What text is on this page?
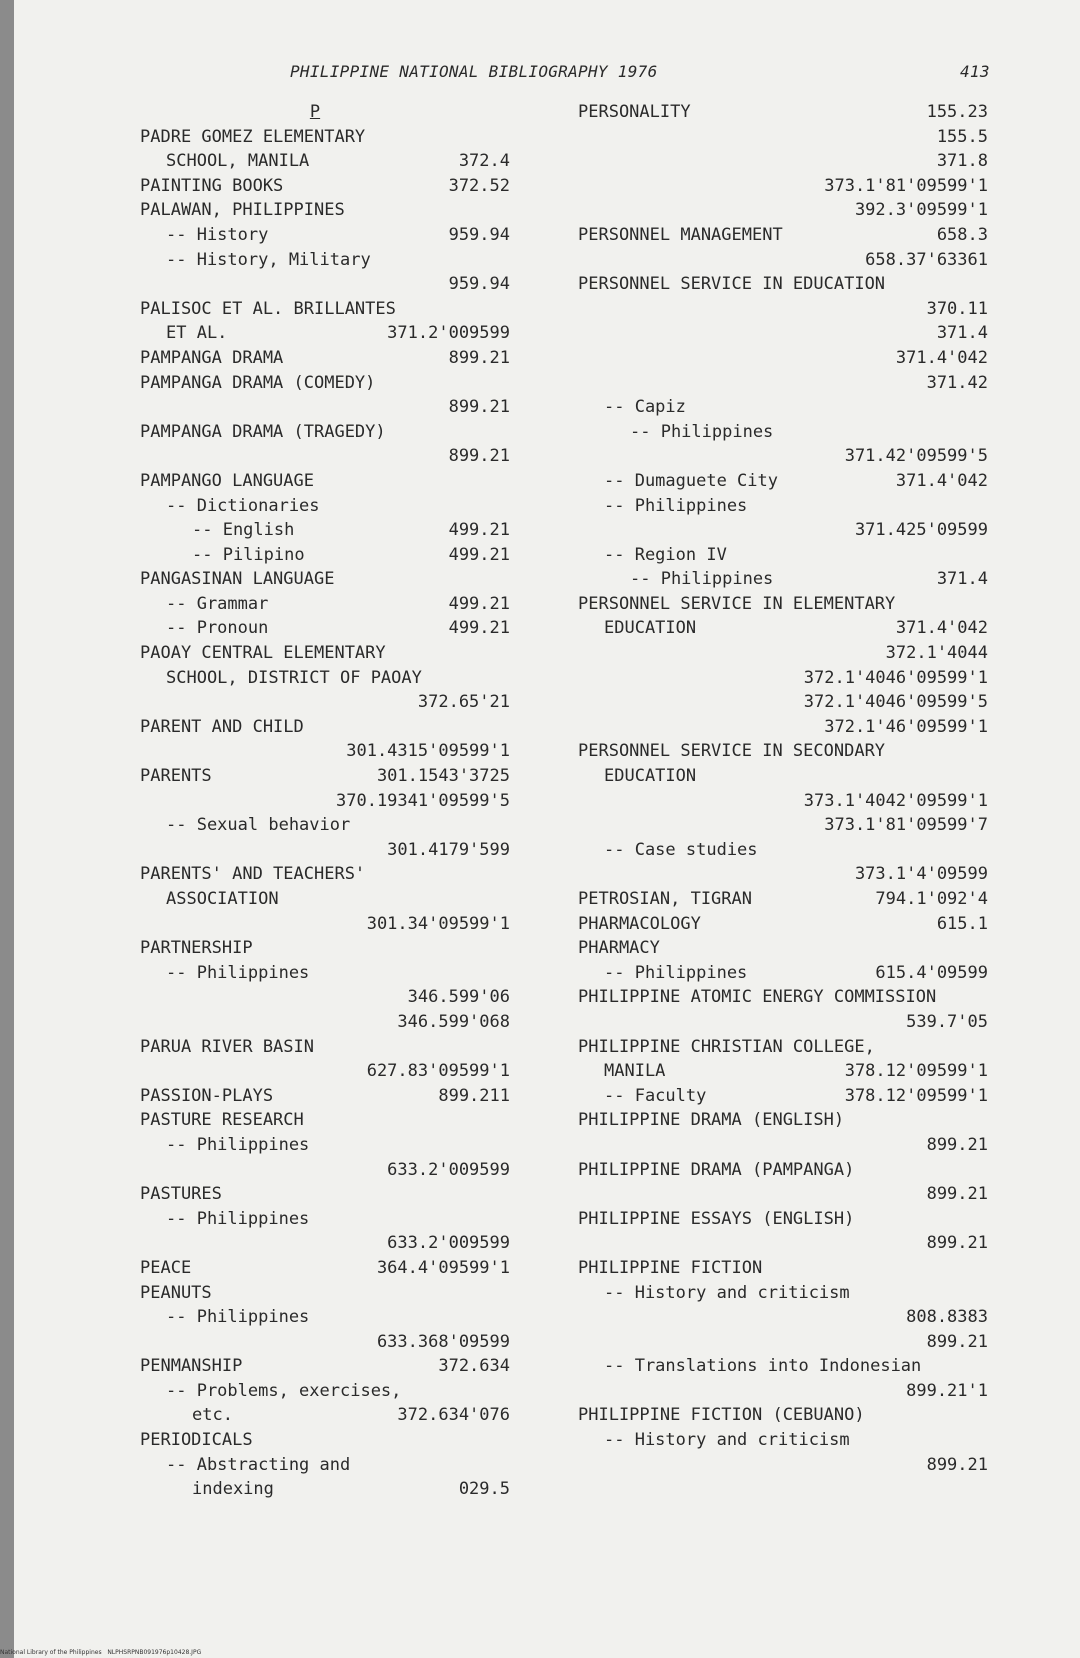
PHILIPPINE NATIONAL BIBLIOGRAPHY 1976	413
P
PADRE GOMEZ ELEMENTARY
SCHOOL, MANILA	372.4
PAINTING BOOKS	372.52
PALAWAN, PHILIPPINES
-- History	959.94
-- History, Military
959.94
PALISOC ET AL. BRILLANTES
ET AL.	371.2'009599
PAMPANGA DRAMA	899.21
PAMPANGA DRAMA (COMEDY)
899.21
PAMPANGA DRAMA (TRAGEDY)
899.21
PAMPANGO LANGUAGE
-- Dictionaries
-- English	499.21
-- Pilipino	499.21
PANGASINAN LANGUAGE
-- Grammar	499.21
-- Pronoun	499.21
PAOAY CENTRAL ELEMENTARY
SCHOOL, DISTRICT OF PAOAY
372.65'21
PARENT AND CHILD
301.4315'09599'1
PARENTS	301.1543'3725
370.19341'09599'5
-- Sexual behavior
301.4179'599
PARENTS' AND TEACHERS'
ASSOCIATION
301.34'09599'1
PARTNERSHIP
-- Philippines
346.599'06
346.599'068
PARUA RIVER BASIN
627.83'09599'1
PASSION-PLAYS	899.211
PASTURE RESEARCH
-- Philippines
633.2'009599
PASTURES
-- Philippines
633.2'009599
PEACE	364.4'09599'1
PEANUTS
-- Philippines
633.368'09599
PENMANSHIP	372.634
-- Problems, exercises,
etc.	372.634'076
PERIODICALS
-- Abstracting and
indexing	029.5
PERSONALITY	155.23
155.5
371.8
373.1'81'09599'1
392.3'09599'1
PERSONNEL MANAGEMENT	658.3
658.37'63361
PERSONNEL SERVICE IN EDUCATION
370.11
371.4
371.4'042
371.42
-- Capiz
-- Philippines
371.42'09599'5
-- Dumaguete City	371.4'042
-- Philippines
371.425'09599
-- Region IV
-- Philippines	371.4
PERSONNEL SERVICE IN ELEMENTARY
EDUCATION	371.4'042
372.1'4044
372.1'4046'09599'1
372.1'4046'09599'5
372.1'46'09599'1
PERSONNEL SERVICE IN SECONDARY
EDUCATION
373.1'4042'09599'1
373.1'81'09599'7
-- Case studies
373.1'4'09599
PETROSIAN, TIGRAN	794.1'092'4
PHARMACOLOGY	615.1
PHARMACY
-- Philippines	615.4'09599
PHILIPPINE ATOMIC ENERGY COMMISSION
539.7'05
PHILIPPINE CHRISTIAN COLLEGE,
MANILA	378.12'09599'1
-- Faculty	378.12'09599'1
PHILIPPINE DRAMA (ENGLISH)
899.21
PHILIPPINE DRAMA (PAMPANGA)
899.21
PHILIPPINE ESSAYS (ENGLISH)
899.21
PHILIPPINE FICTION
-- History and criticism
808.8383
899.21
-- Translations into Indonesian
899.21'1
PHILIPPINE FICTION (CEBUANO)
-- History and criticism
899.21
National Library of the Philippines NLPHSRPNB091976p10428.JPG
